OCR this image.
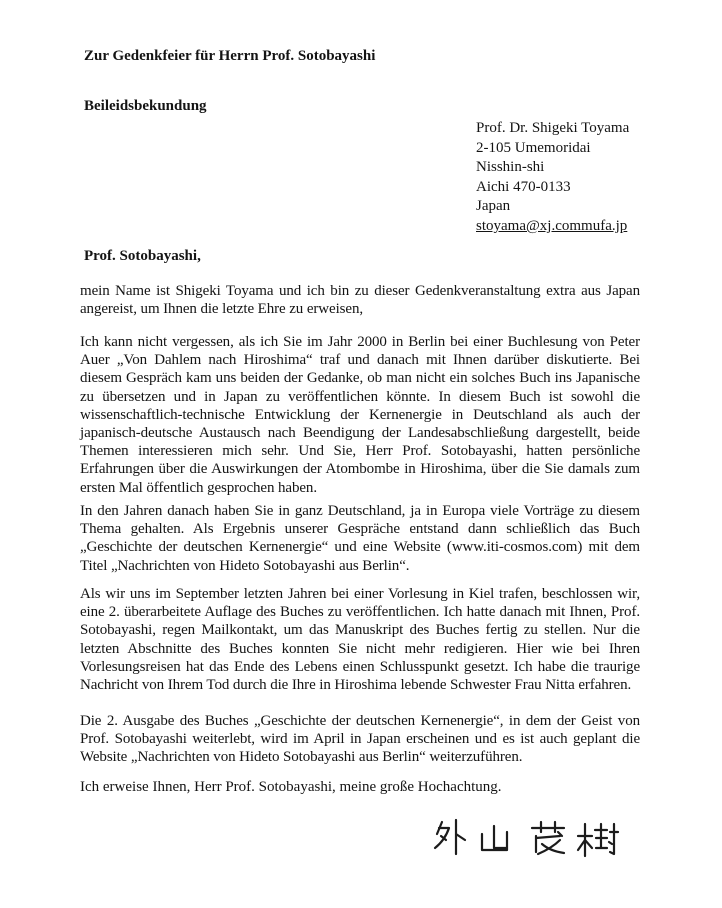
Zur Gedenkfeier für Herrn Prof. Sotobayashi
Beileidsbekundung
Prof. Dr. Shigeki Toyama
2-105 Umemoridai
Nisshin-shi
Aichi 470-0133
Japan
stoyama@xj.commufa.jp
Prof. Sotobayashi,
mein Name ist Shigeki Toyama und ich bin zu dieser Gedenkveranstaltung extra aus Japan angereist, um Ihnen die letzte Ehre zu erweisen,
Ich kann nicht vergessen, als ich Sie im Jahr 2000 in Berlin bei einer Buchlesung von Peter Auer „Von Dahlem nach Hiroshima“ traf und danach mit Ihnen darüber diskutierte. Bei diesem Gespräch kam uns beiden der Gedanke, ob man nicht ein solches Buch ins Japanische zu übersetzen und in Japan zu veröffentlichen könnte. In diesem Buch ist sowohl die wissenschaftlich-technische Entwicklung der Kernenergie in Deutschland als auch der japanisch-deutsche Austausch nach Beendigung der Landesabschließung dargestellt, beide Themen interessieren mich sehr. Und Sie, Herr Prof. Sotobayashi, hatten persönliche Erfahrungen über die Auswirkungen der Atombombe in Hiroshima, über die Sie damals zum ersten Mal öffentlich gesprochen haben.
In den Jahren danach haben Sie in ganz Deutschland, ja in Europa viele Vorträge zu diesem Thema gehalten. Als Ergebnis unserer Gespräche entstand dann schließlich das Buch „Geschichte der deutschen Kernenergie“ und eine Website (www.iti-cosmos.com) mit dem Titel „Nachrichten von Hideto Sotobayashi aus Berlin“.
Als wir uns im September letzten Jahren bei einer Vorlesung in Kiel trafen, beschlossen wir, eine 2. überarbeitete Auflage des Buches zu veröffentlichen. Ich hatte danach mit Ihnen, Prof. Sotobayashi, regen Mailkontakt, um das Manuskript des Buches fertig zu stellen. Nur die letzten Abschnitte des Buches konnten Sie nicht mehr redigieren. Hier wie bei Ihren Vorlesungsreisen hat das Ende des Lebens einen Schlusspunkt gesetzt. Ich habe die traurige Nachricht von Ihrem Tod durch die Ihre in Hiroshima lebende Schwester Frau Nitta erfahren.
Die 2. Ausgabe des Buches „Geschichte der deutschen Kernenergie“, in dem der Geist von Prof. Sotobayashi weiterlebt, wird im April in Japan erscheinen und es ist auch geplant die Website „Nachrichten von Hideto Sotobayashi aus Berlin“ weiterzuführen.
Ich erweise Ihnen, Herr Prof. Sotobayashi, meine große Hochachtung.
